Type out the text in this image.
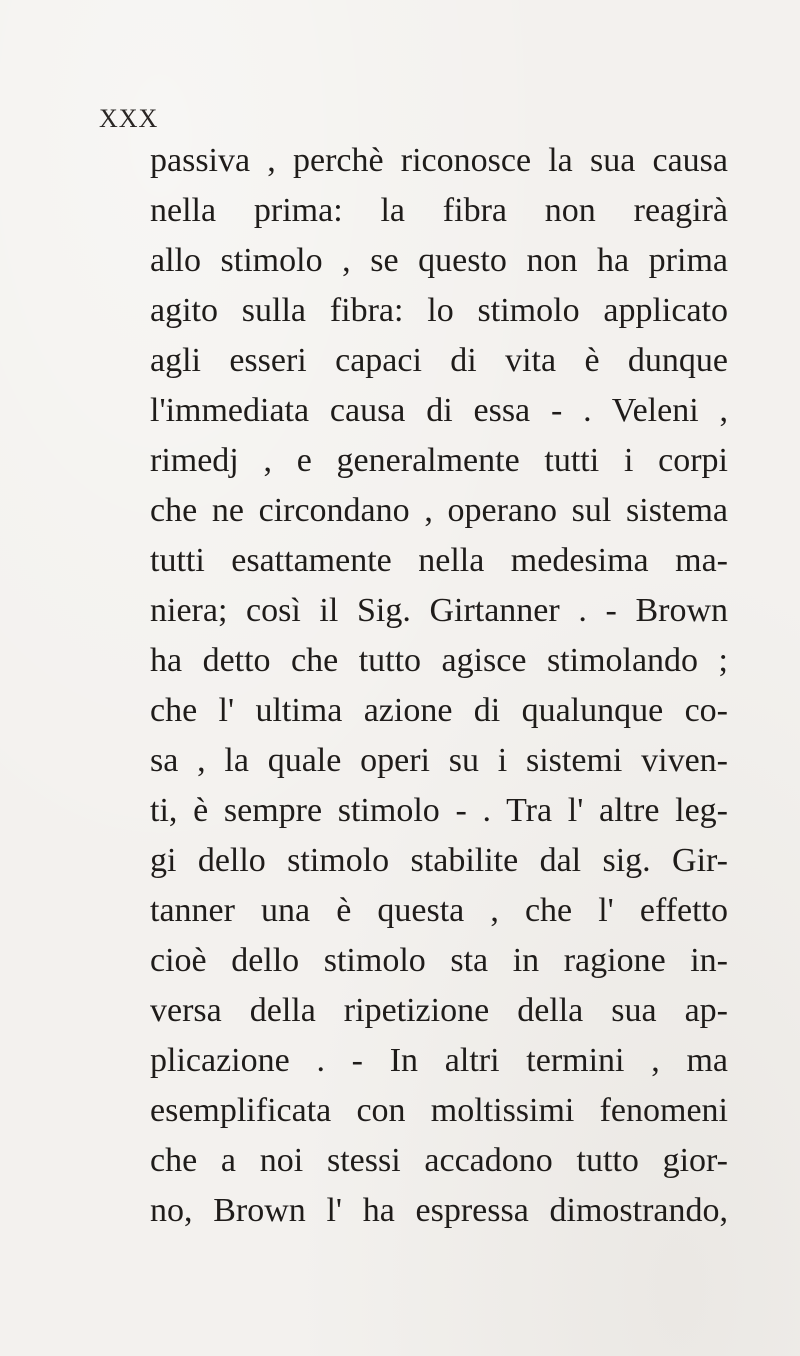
XXX
passiva , perchè riconosce la sua causa
nella prima: la fibra non reagirà
allo stimolo , se questo non ha prima
agito sulla fibra: lo stimolo applicato
agli esseri capaci di vita è dunque
l'immediata causa di essa - . Veleni ,
rimedj , e generalmente tutti i corpi
che ne circondano , operano sul sistema
tutti esattamente nella medesima ma-
niera; così il Sig. Girtanner . - Brown
ha detto che tutto agisce stimolando ;
che l' ultima azione di qualunque co-
sa , la quale operi su i sistemi viven-
ti, è sempre stimolo - . Tra l' altre leg-
gi dello stimolo stabilite dal sig. Gir-
tanner una è questa , che l' effetto
cioè dello stimolo sta in ragione in-
versa della ripetizione della sua ap-
plicazione . - In altri termini , ma
esemplificata con moltissimi fenomeni
che a noi stessi accadono tutto gior-
no, Brown l' ha espressa dimostrando,
